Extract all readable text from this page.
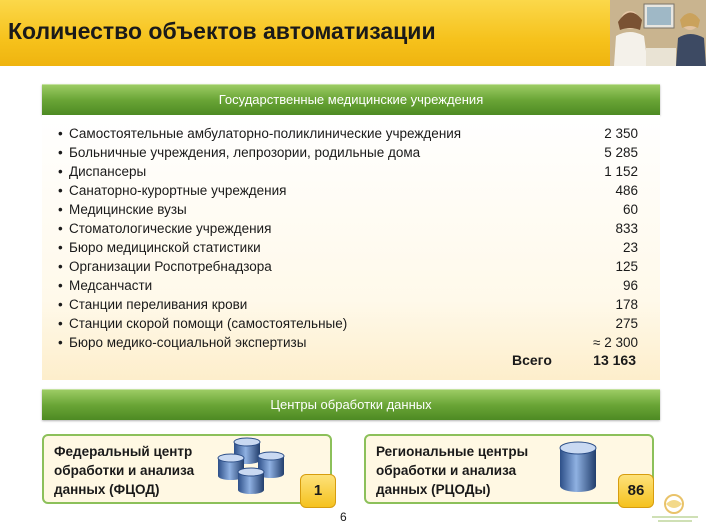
Количество объектов автоматизации
Государственные медицинские учреждения
• Самостоятельные амбулаторно-поликлинические учреждения	2 350
• Больничные учреждения, лепрозории, родильные дома	5 285
• Диспансеры	1 152
• Санаторно-курортные учреждения	486
• Медицинские вузы	60
• Стоматологические учреждения	833
• Бюро медицинской статистики	23
• Организации Роспотребнадзора	125
• Медсанчасти	96
• Станции переливания крови	178
• Станции скорой помощи (самостоятельные)	275
• Бюро медико-социальной экспертизы	≈ 2 300
Всего	13 163
Центры обработки данных
Федеральный центр
обработки и анализа
данных (ФЦОД)	1
Региональные центры
обработки и анализа
данных (РЦОДы)	86
6
